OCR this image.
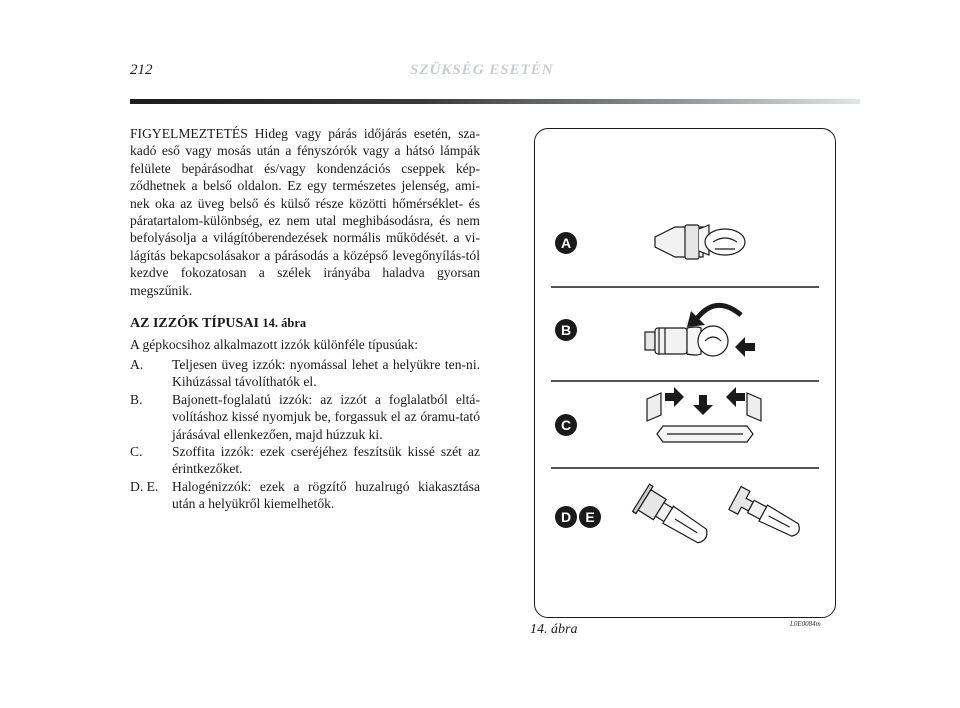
212	SZÜKSÉG ESETÉN

FIGYELMEZTETÉS Hideg vagy párás időjárás esetén, sza-kadó eső vagy mosás után a fényszórók vagy a hátsó lámpák felülete bepárásodhat és/vagy kondenzációs cseppek kép-ződhetnek a belső oldalon. Ez egy természetes jelenség, ami-nek oka az üveg belső és külső része közötti hőmérséklet- és páratartalom-különbség, ez nem utal meghibásodásra, és nem befolyásolja a világítóberendezések normális működését. a vi-lágítás bekapcsolásakor a párásodás a középső levegőnyílás-tól kezdve fokozatosan a szélek irányába haladva gyorsan megszűnik.

AZ IZZÓK TÍPUSAI 14. ábra

A gépkocsihoz alkalmazott izzók különféle típusúak:

A.	Teljesen üveg izzók: nyomással lehet a helyükre ten-ni. Kihúzással távolíthatók el.
B.	Bajonett-foglalatú izzók: az izzót a foglalatból eltá-volításhoz kissé nyomjuk be, forgassuk el az óramu-tató járásával ellenkezően, majd húzzuk ki.
C.	Szoffita izzók: ezek cseréjéhez feszítsük kissé szét az érintkezőket.
D. E.	Halogénizzók: ezek a rögzítő huzalrugó kiakasztása után a helyükről kiemelhetők.
A
B
C
D E
14. ábra	L0E0084m
